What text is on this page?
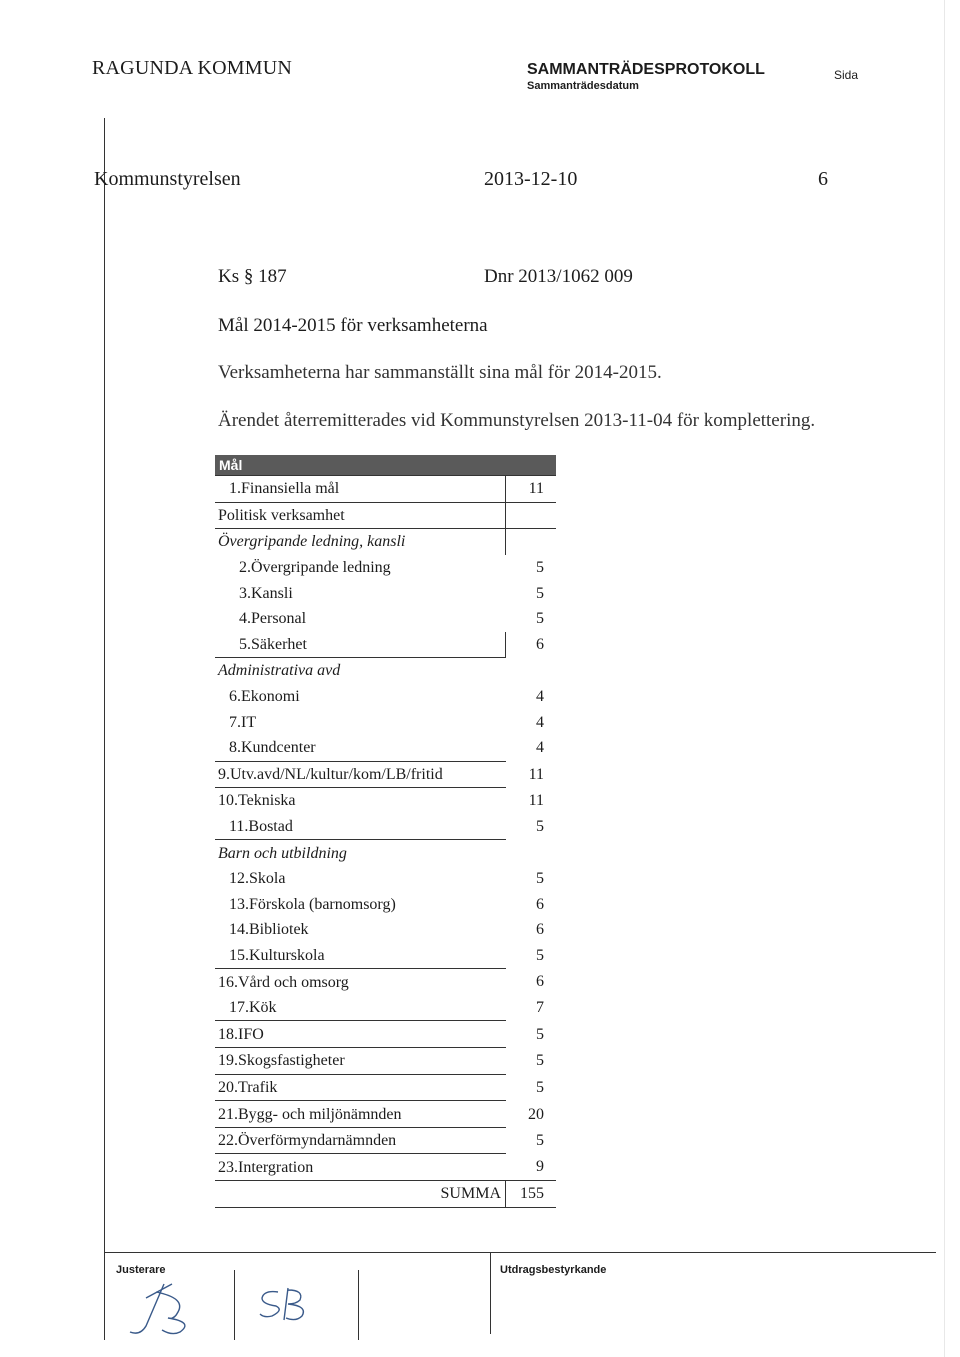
RAGUNDA KOMMUN	SAMMANTRÄDESPROTOKOLL
Sammanträdesdatum
Sida
Kommunstyrelsen	2013-12-10	6
Ks § 187	Dnr 2013/1062 009
Mål 2014-2015 för verksamheterna
Verksamheterna har sammanställt sina mål för 2014-2015.
Ärendet återremitterades vid Kommunstyrelsen 2013-11-04 för komplettering.
Mål	
1.Finansiella mål	11
Politisk verksamhet	
Övergripande ledning, kansli	
2.Övergripande ledning	5
3.Kansli	5
4.Personal	5
5.Säkerhet	6
Administrativa avd	
6.Ekonomi	4
7.IT	4
8.Kundcenter	4
9.Utv.avd/NL/kultur/kom/LB/fritid	11
10.Tekniska	11
11.Bostad	5
Barn och utbildning	
12.Skola	5
13.Förskola (barnomsorg)	6
14.Bibliotek	6
15.Kulturskola	5
16.Vård och omsorg	6
17.Kök	7
18.IFO	5
19.Skogsfastigheter	5
20.Trafik	5
21.Bygg- och miljönämnden	20
22.Överförmyndarnämnden	5
23.Intergration	9
SUMMA	155
Justerare	Utdragsbestyrkande
